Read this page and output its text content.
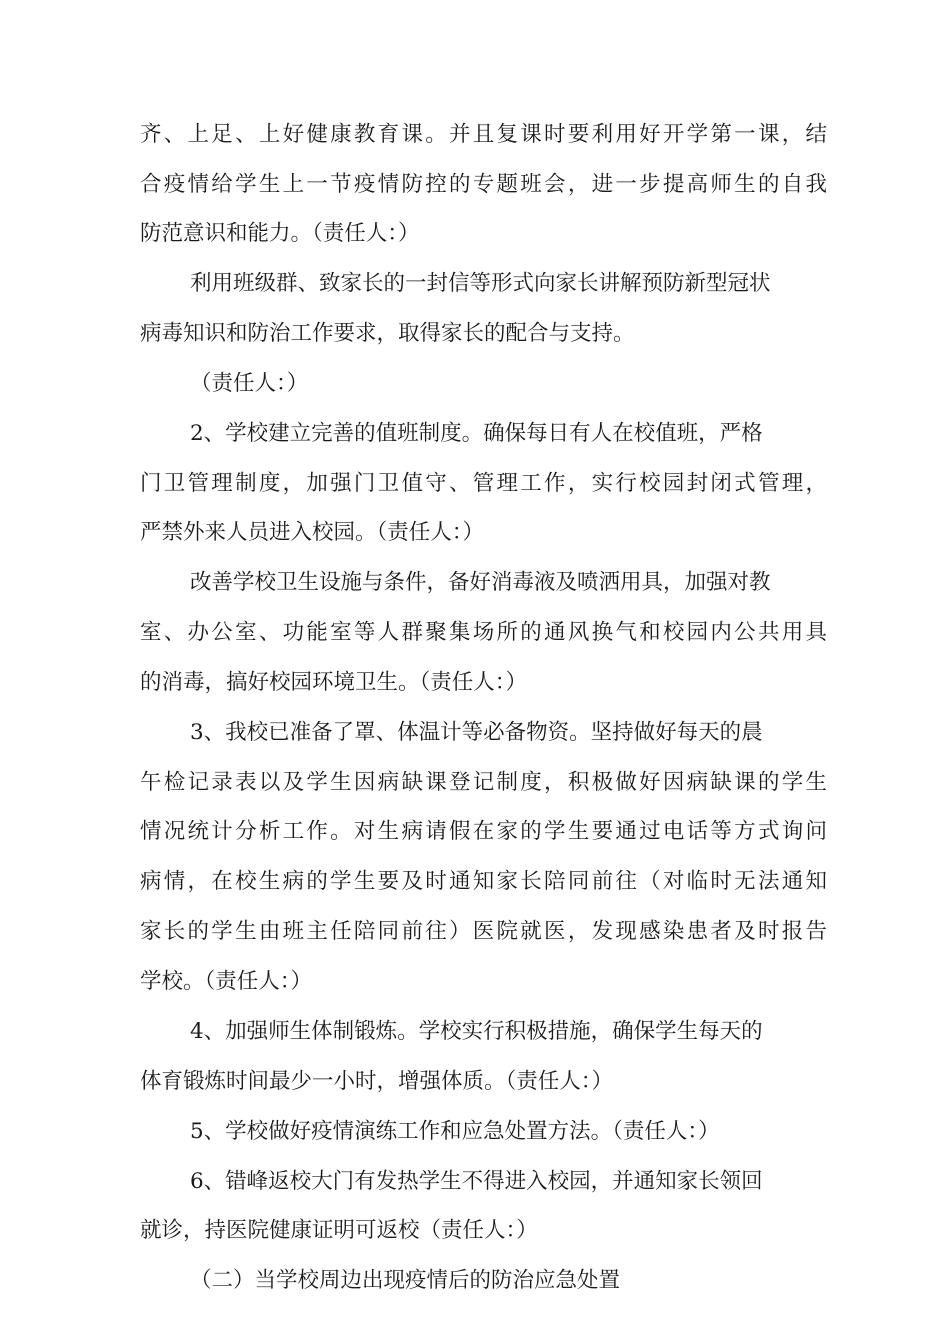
齐、上足、上好健康教育课。并且复课时要利用好开学第一课，结

合疫情给学生上一节疫情防控的专题班会，进一步提高师生的自我

防范意识和能力。（责任人：）

利用班级群、致家长的一封信等形式向家长讲解预防新型冠状

病毒知识和防治工作要求，取得家长的配合与支持。

（责任人：）

2、学校建立完善的值班制度。确保每日有人在校值班，严格

门卫管理制度，加强门卫值守、管理工作，实行校园封闭式管理，

严禁外来人员进入校园。（责任人：）

改善学校卫生设施与条件，备好消毒液及喷洒用具，加强对教

室、办公室、功能室等人群聚集场所的通风换气和校园内公共用具

的消毒，搞好校园环境卫生。（责任人：）

3、我校已准备了罩、体温计等必备物资。坚持做好每天的晨

午检记录表以及学生因病缺课登记制度，积极做好因病缺课的学生

情况统计分析工作。对生病请假在家的学生要通过电话等方式询问

病情，在校生病的学生要及时通知家长陪同前往（对临时无法通知

家长的学生由班主任陪同前往）医院就医，发现感染患者及时报告

学校。（责任人：）

4、加强师生体制锻炼。学校实行积极措施，确保学生每天的

体育锻炼时间最少一小时，增强体质。（责任人：）

5、学校做好疫情演练工作和应急处置方法。（责任人：）

6、错峰返校大门有发热学生不得进入校园，并通知家长领回

就诊，持医院健康证明可返校（责任人：）

（二）当学校周边出现疫情后的防治应急处置
